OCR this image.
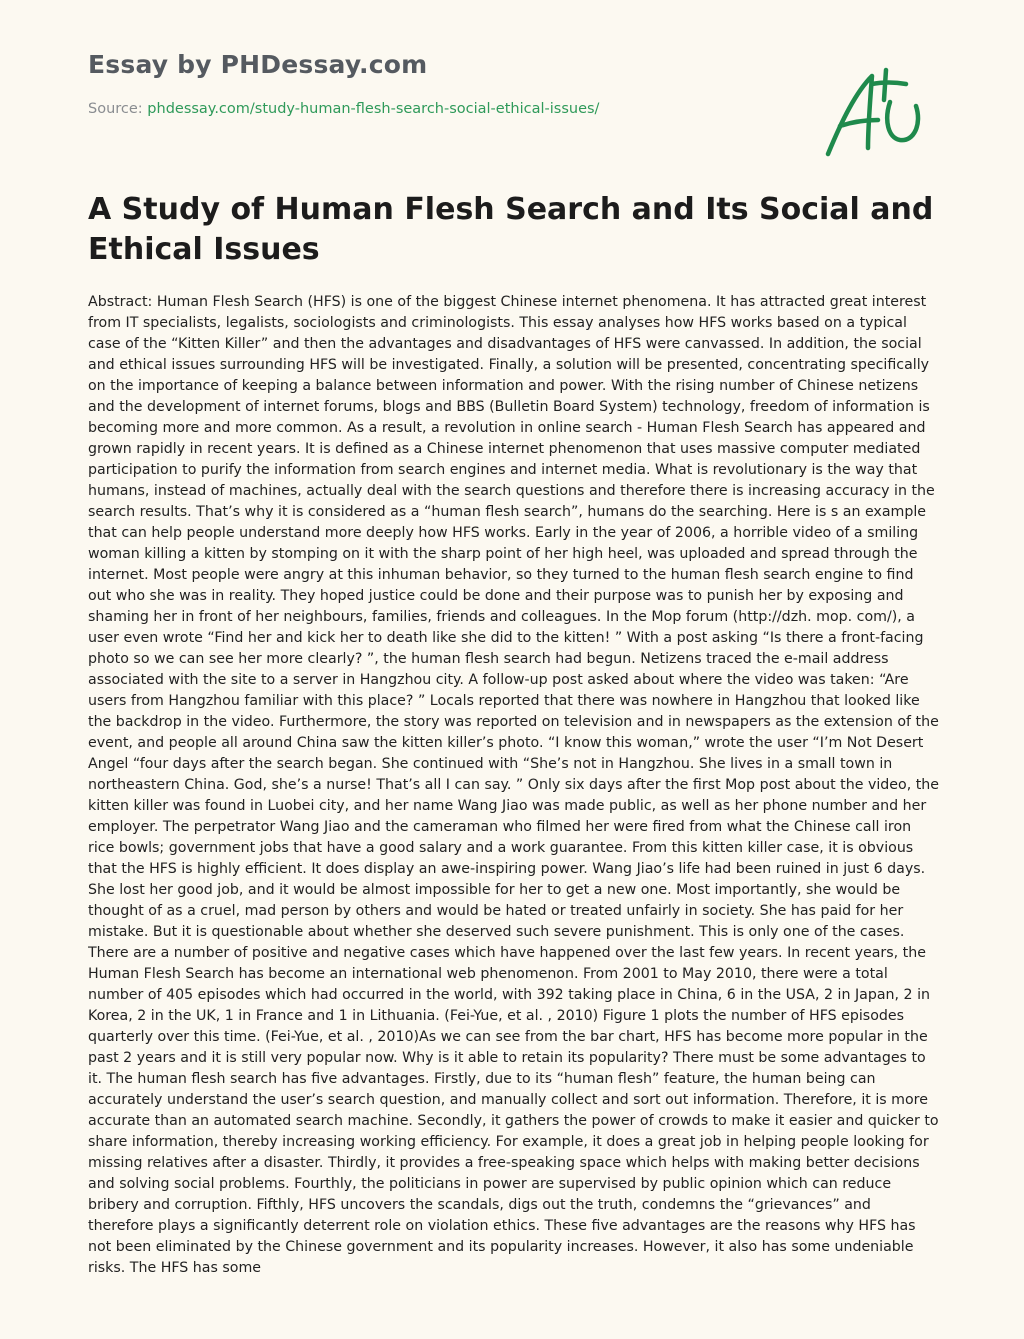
Essay by PHDessay.com

Source: phdessay.com/study-human-flesh-search-social-ethical-issues/

A Study of Human Flesh Search and Its Social and Ethical Issues
Abstract: Human Flesh Search (HFS) is one of the biggest Chinese internet phenomena. It has attracted great interest from IT specialists, legalists, sociologists and criminologists. This essay analyses how HFS works based on a typical case of the “Kitten Killer” and then the advantages and disadvantages of HFS were canvassed. In addition, the social and ethical issues surrounding HFS will be investigated. Finally, a solution will be presented, concentrating specifically on the importance of keeping a balance between information and power. With the rising number of Chinese netizens and the development of internet forums, blogs and BBS (Bulletin Board System) technology, freedom of information is becoming more and more common. As a result, a revolution in online search - Human Flesh Search has appeared and grown rapidly in recent years. It is defined as a Chinese internet phenomenon that uses massive computer mediated participation to purify the information from search engines and internet media. What is revolutionary is the way that humans, instead of machines, actually deal with the search questions and therefore there is increasing accuracy in the search results. That’s why it is considered as a “human flesh search”, humans do the searching. Here is s an example that can help people understand more deeply how HFS works. Early in the year of 2006, a horrible video of a smiling woman killing a kitten by stomping on it with the sharp point of her high heel, was uploaded and spread through the internet. Most people were angry at this inhuman behavior, so they turned to the human flesh search engine to find out who she was in reality. They hoped justice could be done and their purpose was to punish her by exposing and shaming her in front of her neighbours, families, friends and colleagues. In the Mop forum (http://dzh. mop. com/), a user even wrote “Find her and kick her to death like she did to the kitten! ” With a post asking “Is there a front-facing photo so we can see her more clearly? ”, the human flesh search had begun. Netizens traced the e-mail address associated with the site to a server in Hangzhou city. A follow-up post asked about where the video was taken: “Are users from Hangzhou familiar with this place? ” Locals reported that there was nowhere in Hangzhou that looked like the backdrop in the video. Furthermore, the story was reported on television and in newspapers as the extension of the event, and people all around China saw the kitten killer’s photo. “I know this woman,” wrote the user “I’m Not Desert Angel “four days after the search began. She continued with “She’s not in Hangzhou. She lives in a small town in northeastern China. God, she’s a nurse! That’s all I can say. ” Only six days after the first Mop post about the video, the kitten killer was found in Luobei city, and her name Wang Jiao was made public, as well as her phone number and her employer. The perpetrator Wang Jiao and the cameraman who filmed her were fired from what the Chinese call iron rice bowls; government jobs that have a good salary and a work guarantee. From this kitten killer case, it is obvious that the HFS is highly efficient. It does display an awe-inspiring power. Wang Jiao’s life had been ruined in just 6 days. She lost her good job, and it would be almost impossible for her to get a new one. Most importantly, she would be thought of as a cruel, mad person by others and would be hated or treated unfairly in society. She has paid for her mistake. But it is questionable about whether she deserved such severe punishment. This is only one of the cases. There are a number of positive and negative cases which have happened over the last few years. In recent years, the Human Flesh Search has become an international web phenomenon. From 2001 to May 2010, there were a total number of 405 episodes which had occurred in the world, with 392 taking place in China, 6 in the USA, 2 in Japan, 2 in Korea, 2 in the UK, 1 in France and 1 in Lithuania. (Fei-Yue, et al. , 2010) Figure 1 plots the number of HFS episodes quarterly over this time. (Fei-Yue, et al. , 2010)As we can see from the bar chart, HFS has become more popular in the past 2 years and it is still very popular now. Why is it able to retain its popularity? There must be some advantages to it. The human flesh search has five advantages. Firstly, due to its “human flesh” feature, the human being can accurately understand the user’s search question, and manually collect and sort out information. Therefore, it is more accurate than an automated search machine. Secondly, it gathers the power of crowds to make it easier and quicker to share information, thereby increasing working efficiency. For example, it does a great job in helping people looking for missing relatives after a disaster. Thirdly, it provides a free-speaking space which helps with making better decisions and solving social problems. Fourthly, the politicians in power are supervised by public opinion which can reduce bribery and corruption. Fifthly, HFS uncovers the scandals, digs out the truth, condemns the “grievances” and therefore plays a significantly deterrent role on violation ethics. These five advantages are the reasons why HFS has not been eliminated by the Chinese government and its popularity increases. However, it also has some undeniable risks. The HFS has some
